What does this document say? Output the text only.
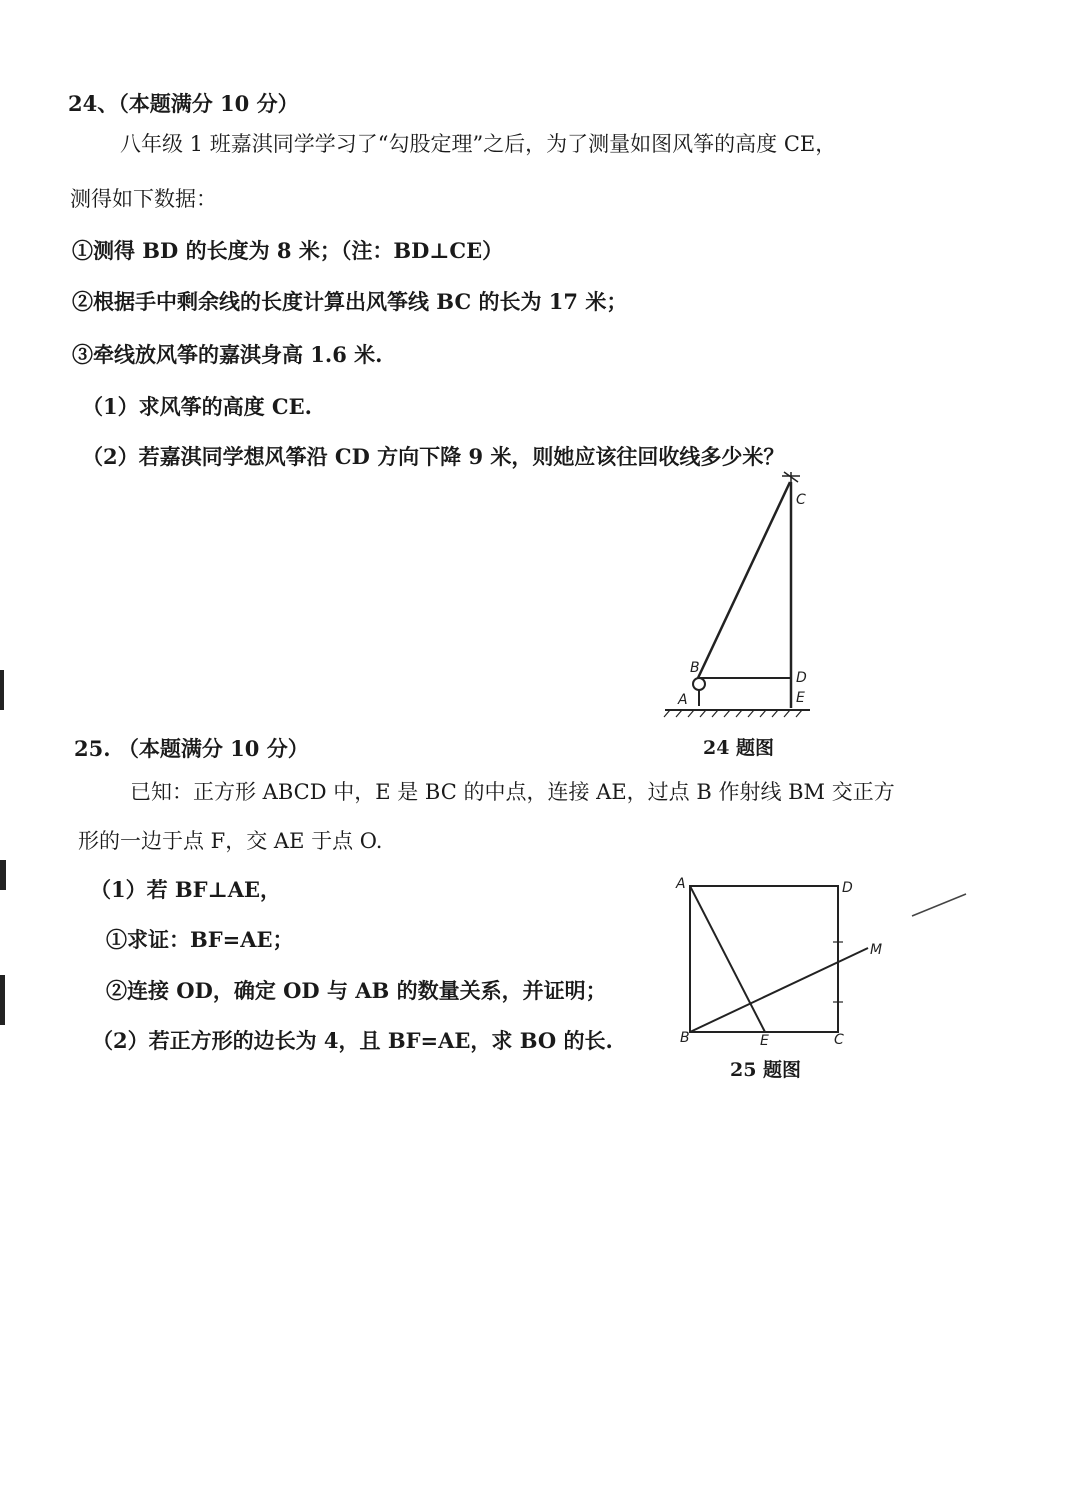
24、（本题满分 10 分）
八年级 1 班嘉淇同学学习了“勾股定理”之后，为了测量如图风筝的高度 CE，
测得如下数据：
①测得 BD 的长度为 8 米；（注：BD⊥CE）
②根据手中剩余线的长度计算出风筝线 BC 的长为 17 米；
③牵线放风筝的嘉淇身高 1.6 米.
（1）求风筝的高度 CE.
（2）若嘉淇同学想风筝沿 CD 方向下降 9 米，则她应该往回收线多少米？
C
B
D
A	E
24 题图
25. （本题满分 10 分）
已知：正方形 ABCD 中，E 是 BC 的中点，连接 AE，过点 B 作射线 BM 交正方
形的一边于点 F，交 AE 于点 O.
（1）若 BF⊥AE，
①求证：BF=AE；
②连接 OD，确定 OD 与 AB 的数量关系，并证明；
（2）若正方形的边长为 4，且 BF=AE，求 BO 的长.
A	D
M
B	E	C
25 题图
